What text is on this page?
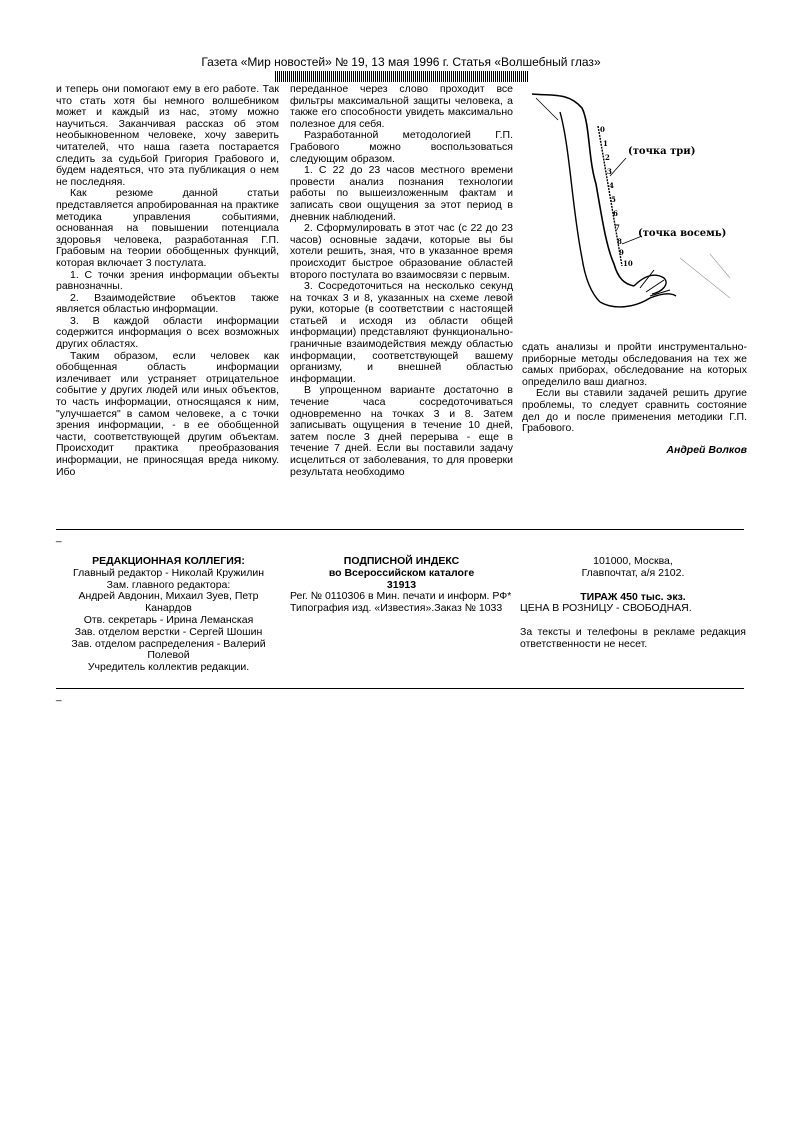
Газета «Мир новостей» № 19, 13 мая 1996 г. Статья «Волшебный глаз»

и теперь они помогают ему в его работе. Так что стать хотя бы немного волшебником может и каждый из нас, этому можно научиться. Заканчивая рассказ об этом необыкновенном человеке, хочу заверить читателей, что наша газета постарается следить за судьбой Григория Грабового и, будем надеяться, что эта публикация о нем не последняя.

Как резюме данной статьи представляется апробированная на практике методика управления событиями, основанная на повышении потенциала здоровья человека, разработанная Г.П. Грабовым на теории обобщенных функций, которая включает 3 постулата.

1. С точки зрения информации объекты равнозначны.

2. Взаимодействие объектов также является областью информации.

3. В каждой области информации содержится информация о всех возможных других областях.

Таким образом, если человек как обобщенная область информации излечивает или устраняет отрицательное событие у других людей или иных объектов, то часть информации, относящаяся к ним, "улучшается" в самом человеке, а с точки зрения информации, - в ее обобщенной части, соответствующей другим объектам. Происходит практика преобразования информации, не приносящая вреда никому. Ибо

переданное через слово проходит все фильтры максимальной защиты человека, а также его способности увидеть максимально полезное для себя.

Разработанной методологией Г.П. Грабового можно воспользоваться следующим образом.

1. С 22 до 23 часов местного времени провести анализ познания технологии работы по вышеизложенным фактам и записать свои ощущения за этот период в дневник наблюдений.

2. Сформулировать в этот час (с 22 до 23 часов) основные задачи, которые вы бы хотели решить, зная, что в указанное время происходит быстрое образование областей второго постулата во взаимосвязи с первым.

3. Сосредоточиться на несколько секунд на точках 3 и 8, указанных на схеме левой руки, которые (в соответствии с настоящей статьей и исходя из области общей информации) представляют функционально-граничные взаимодействия между областью информации, соответствующей вашему организму, и внешней областью информации.

В упрощенном варианте достаточно в течение часа сосредоточиваться одновременно на точках 3 и 8. Затем записывать ощущения в течение 10 дней, затем после 3 дней перерыва - еще в течение 7 дней. Если вы поставили задачу исцелиться от заболевания, то для проверки результата необходимо

0
1
2
3
4
5
6
7
8
9
10
(точка три)
(точка восемь)

сдать анализы и пройти инструментально-приборные методы обследования на тех же самых приборах, обследование на которых определило ваш диагноз.

Если вы ставили задачей решить другие проблемы, то следует сравнить состояние дел до и после применения методики Г.П. Грабового.

Андрей Волков

_

РЕДАКЦИОННАЯ КОЛЛЕГИЯ:

Главный редактор - Николай Кружилин

Зам. главного редактора:

Андрей Авдонин, Михаил Зуев, Петр Канардов

Отв. секретарь - Ирина Леманская

Зав. отделом верстки - Сергей Шошин

Зав. отделом распределения - Валерий Полевой

Учредитель коллектив редакции.

ПОДПИСНОЙ ИНДЕКС

во Всероссийском каталоге

31913

Рег. № 0110306 в Мин. печати и информ. РФ*

Типография изд. «Известия».Заказ № 1033

101000, Москва,

Главпочтат, а/я 2102.

ТИРАЖ 450 тыс. экз.

ЦЕНА В РОЗНИЦУ - СВОБОДНАЯ.

За тексты и телефоны в рекламе редакция ответственности не несет.

_
